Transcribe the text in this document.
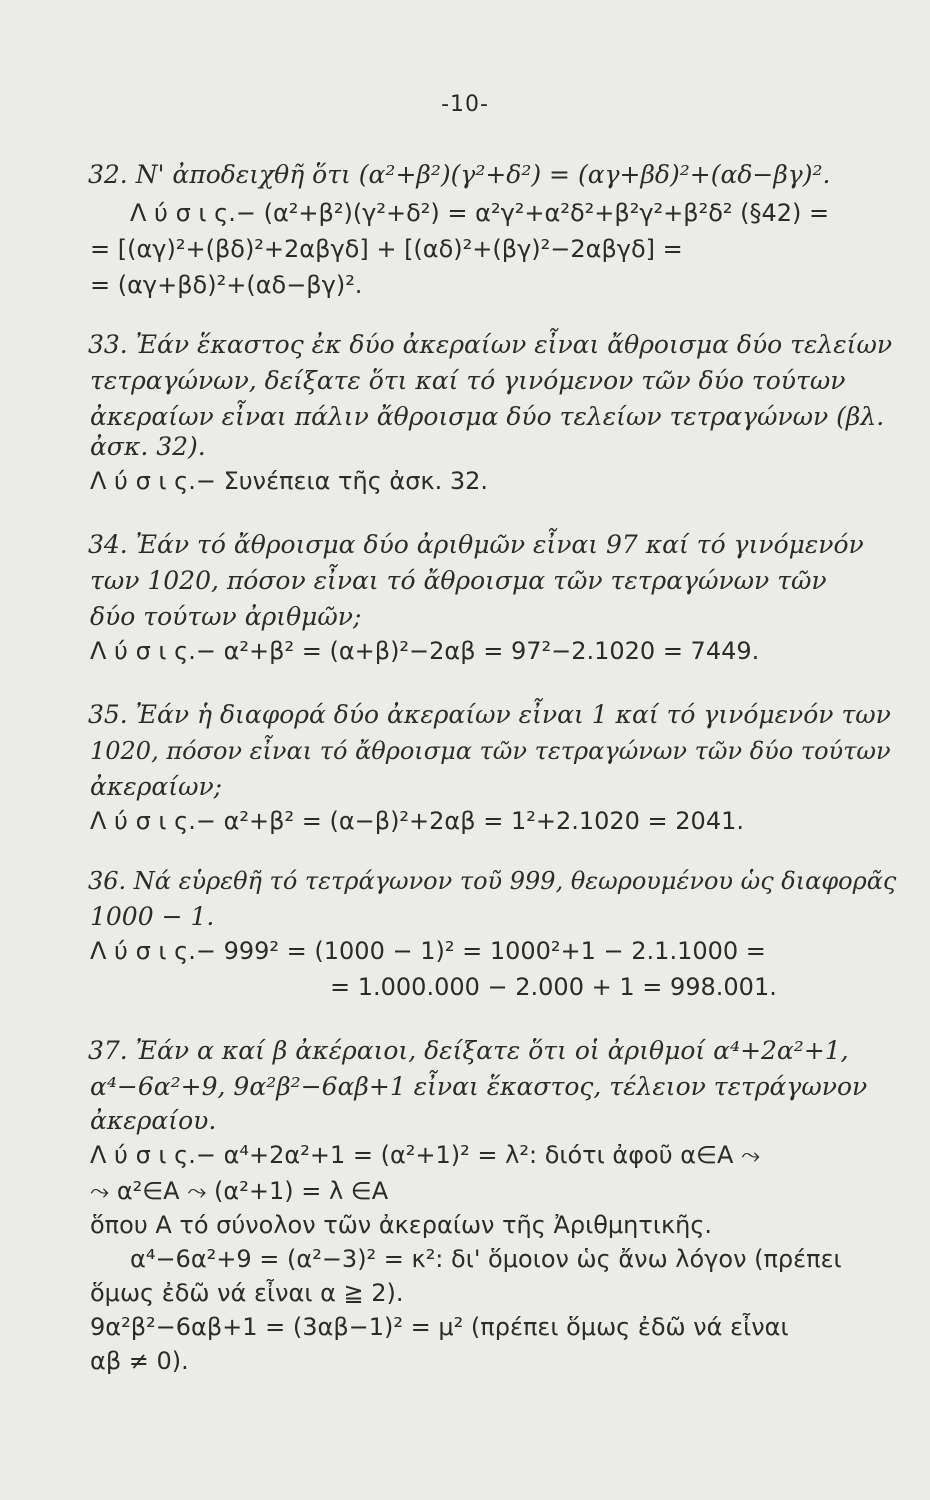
-10-
32. Ν' ἀποδειχθῆ ὅτι (α²+β²)(γ²+δ²) = (αγ+βδ)²+(αδ−βγ)².
Λ ύ σ ι ς.− (α²+β²)(γ²+δ²) = α²γ²+α²δ²+β²γ²+β²δ² (§42) =
= [(αγ)²+(βδ)²+2αβγδ] + [(αδ)²+(βγ)²−2αβγδ] =
= (αγ+βδ)²+(αδ−βγ)².
33. Ἐάν ἕκαστος ἐκ δύο ἀκεραίων εἶναι ἄθροισμα δύο τελείων
τετραγώνων, δείξατε ὅτι καί τό γινόμενον τῶν δύο τούτων
ἀκεραίων εἶναι πάλιν ἄθροισμα δύο τελείων τετραγώνων (βλ.
ἀσκ. 32).
Λ ύ σ ι ς.− Συνέπεια τῆς ἀσκ. 32.
34. Ἐάν τό ἄθροισμα δύο ἀριθμῶν εἶναι 97 καί τό γινόμενόν
των 1020, πόσον εἶναι τό ἄθροισμα τῶν τετραγώνων τῶν
δύο τούτων ἀριθμῶν;
Λ ύ σ ι ς.− α²+β² = (α+β)²−2αβ = 97²−2.1020 = 7449.
35. Ἐάν ἡ διαφορά δύο ἀκεραίων εἶναι 1 καί τό γινόμενόν των
1020, πόσον εἶναι τό ἄθροισμα τῶν τετραγώνων τῶν δύο τούτων
ἀκεραίων;
Λ ύ σ ι ς.− α²+β² = (α−β)²+2αβ = 1²+2.1020 = 2041.
36. Νά εὑρεθῆ τό τετράγωνον τοῦ 999, θεωρουμένου ὡς διαφορᾶς
1000 − 1.
Λ ύ σ ι ς.− 999² = (1000 − 1)² = 1000²+1 − 2.1.1000 =
= 1.000.000 − 2.000 + 1 = 998.001.
37. Ἐάν α καί β ἀκέραιοι, δείξατε ὅτι οἱ ἀριθμοί α⁴+2α²+1,
α⁴−6α²+9, 9α²β²−6αβ+1 εἶναι ἕκαστος, τέλειον τετράγωνον
ἀκεραίου.
Λ ύ σ ι ς.− α⁴+2α²+1 = (α²+1)² = λ²: διότι ἀφοῦ α∈Α ⤳
⤳ α²∈Α ⤳ (α²+1) = λ ∈Α
ὅπου Α τό σύνολον τῶν ἀκεραίων τῆς Ἀριθμητικῆς.
α⁴−6α²+9 = (α²−3)² = κ²: δι' ὅμοιον ὡς ἄνω λόγον (πρέπει
ὅμως ἐδῶ νά εἶναι α ≧ 2).
9α²β²−6αβ+1 = (3αβ−1)² = μ² (πρέπει ὅμως ἐδῶ νά εἶναι
αβ ≠ 0).
